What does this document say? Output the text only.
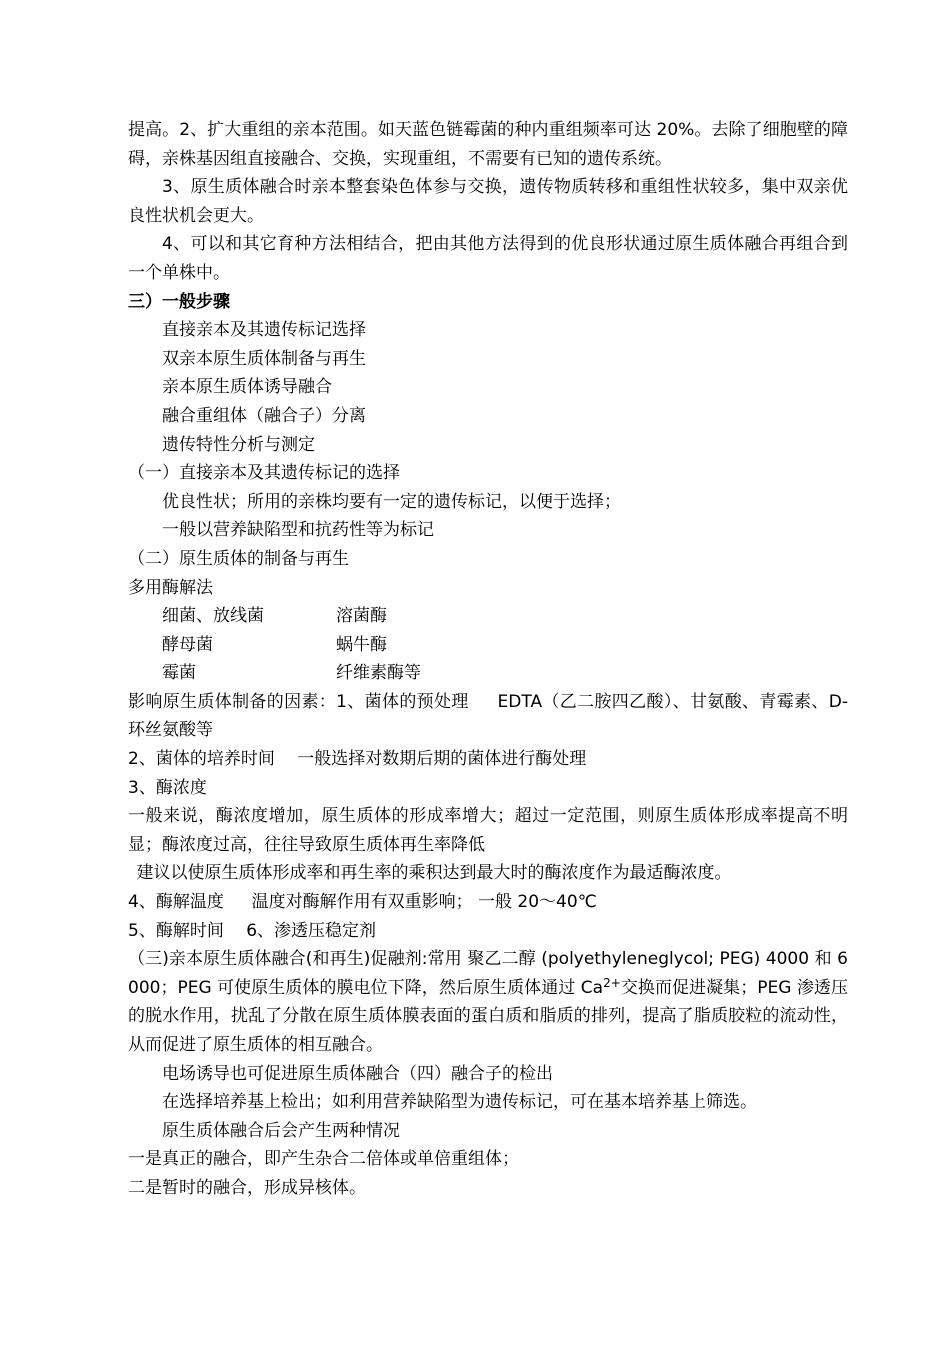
提高。2、扩大重组的亲本范围。如天蓝色链霉菌的种内重组频率可达 20%。去除了细胞壁的障碍，亲株基因组直接融合、交换，实现重组，不需要有已知的遗传系统。

3、原生质体融合时亲本整套染色体参与交换，遗传物质转移和重组性状较多，集中双亲优良性状机会更大。

4、可以和其它育种方法相结合，把由其他方法得到的优良形状通过原生质体融合再组合到一个单株中。

三）一般步骤

直接亲本及其遗传标记选择

双亲本原生质体制备与再生

亲本原生质体诱导融合

融合重组体（融合子）分离

遗传特性分析与测定

（一）直接亲本及其遗传标记的选择

优良性状；所用的亲株均要有一定的遗传标记，以便于选择；

一般以营养缺陷型和抗药性等为标记

（二）原生质体的制备与再生

多用酶解法

细菌、放线菌	溶菌酶
酵母菌	蜗牛酶
霉菌	纤维素酶等

影响原生质体制备的因素：1、菌体的预处理 　 EDTA（乙二胺四乙酸）、甘氨酸、青霉素、D-环丝氨酸等

2、菌体的培养时间 　一般选择对数期后期的菌体进行酶处理

3、酶浓度

一般来说，酶浓度增加，原生质体的形成率增大；超过一定范围，则原生质体形成率提高不明显；酶浓度过高，往往导致原生质体再生率降低

建议以使原生质体形成率和再生率的乘积达到最大时的酶浓度作为最适酶浓度。

4、酶解温度 　 温度对酶解作用有双重影响； 一般 20～40℃

5、酶解时间 　6、渗透压稳定剂

（三)亲本原生质体融合(和再生)促融剂:常用 聚乙二醇 (polyethyleneglycol; PEG) 4000 和 6000；PEG 可使原生质体的膜电位下降，然后原生质体通过 $Ca^{2+}$交换而促进凝集；PEG 渗透压的脱水作用，扰乱了分散在原生质体膜表面的蛋白质和脂质的排列，提高了脂质胶粒的流动性，从而促进了原生质体的相互融合。

电场诱导也可促进原生质体融合（四）融合子的检出

在选择培养基上检出；如利用营养缺陷型为遗传标记，可在基本培养基上筛选。

原生质体融合后会产生两种情况

一是真正的融合，即产生杂合二倍体或单倍重组体；

二是暂时的融合，形成异核体。
